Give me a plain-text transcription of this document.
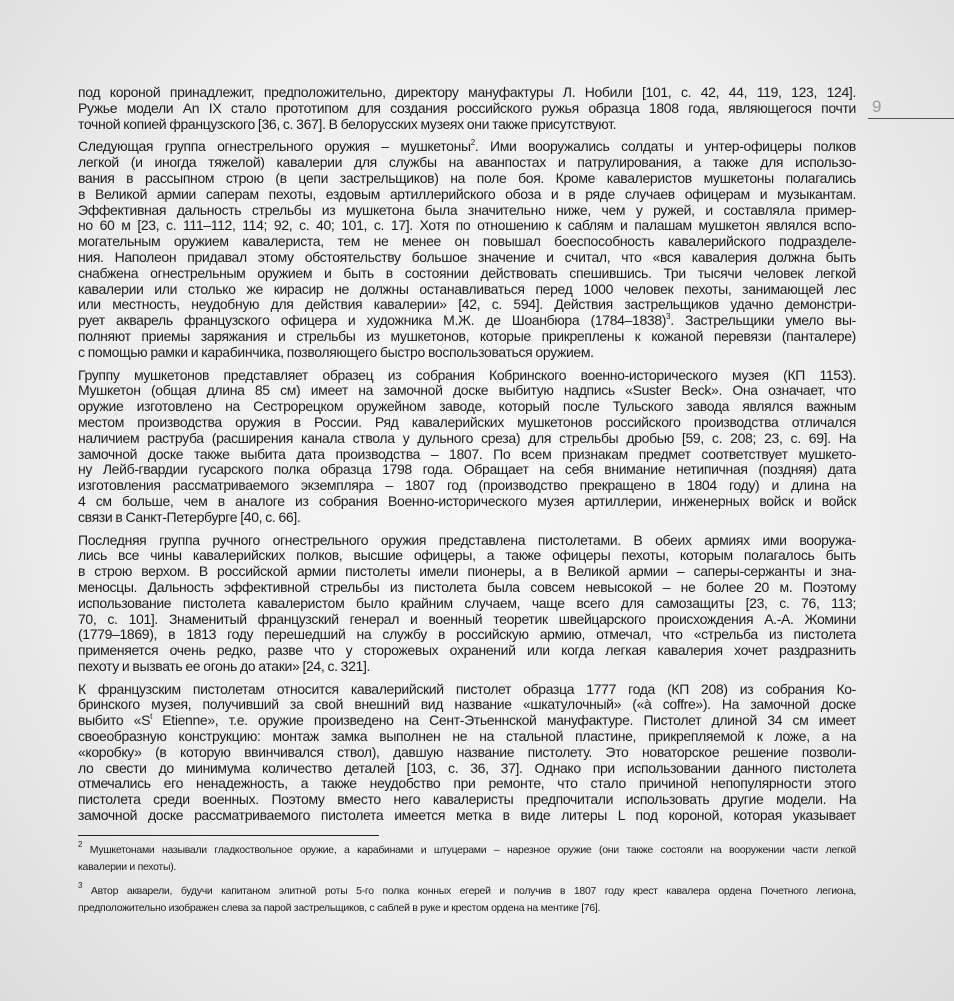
9
под короной принадлежит, предположительно, директору мануфактуры Л. Нобили [101, с. 42, 44, 119, 123, 124].
Ружье модели An IX стало прототипом для создания российского ружья образца 1808 года, являющегося почти
точной копией французского [36, с. 367]. В белорусских музеях они также присутствуют.
Следующая группа огнестрельного оружия – мушкетоны$^2$. Ими вооружались солдаты и унтер-офицеры полков
легкой (и иногда тяжелой) кавалерии для службы на аванпостах и патрулирования, а также для использо-
вания в рассыпном строю (в цепи застрельщиков) на поле боя. Кроме кавалеристов мушкетоны полагались
в Великой армии саперам пехоты, ездовым артиллерийского обоза и в ряде случаев офицерам и музыкантам.
Эффективная дальность стрельбы из мушкетона была значительно ниже, чем у ружей, и составляла пример-
но 60 м [23, с. 111–112, 114; 92, с. 40; 101, с. 17]. Хотя по отношению к саблям и палашам мушкетон являлся вспо-
могательным оружием кавалериста, тем не менее он повышал боеспособность кавалерийского подразделе-
ния. Наполеон придавал этому обстоятельству большое значение и считал, что «вся кавалерия должна быть
снабжена огнестрельным оружием и быть в состоянии действовать спешившись. Три тысячи человек легкой
кавалерии или столько же кирасир не должны останавливаться перед 1000 человек пехоты, занимающей лес
или местность, неудобную для действия кавалерии» [42, с. 594]. Действия застрельщиков удачно демонстри-
рует акварель французского офицера и художника М.Ж. де Шоанбюра (1784–1838)$^3$. Застрельщики умело вы-
полняют приемы заряжания и стрельбы из мушкетонов, которые прикреплены к кожаной перевязи (панталере)
с помощью рамки и карабинчика, позволяющего быстро воспользоваться оружием.
Группу мушкетонов представляет образец из собрания Кобринского военно-исторического музея (КП 1153).
Мушкетон (общая длина 85 см) имеет на замочной доске выбитую надпись «Suster Beck». Она означает, что
оружие изготовлено на Сестрорецком оружейном заводе, который после Тульского завода являлся важным
местом производства оружия в России. Ряд кавалерийских мушкетонов российского производства отличался
наличием раструба (расширения канала ствола у дульного среза) для стрельбы дробью [59, с. 208; 23, с. 69]. На
замочной доске также выбита дата производства – 1807. По всем признакам предмет соответствует мушкето-
ну Лейб-гвардии гусарского полка образца 1798 года. Обращает на себя внимание нетипичная (поздняя) дата
изготовления рассматриваемого экземпляра – 1807 год (производство прекращено в 1804 году) и длина на
4 см больше, чем в аналоге из собрания Военно-исторического музея артиллерии, инженерных войск и войск
связи в Санкт-Петербурге [40, с. 66].
Последняя группа ручного огнестрельного оружия представлена пистолетами. В обеих армиях ими вооружа-
лись все чины кавалерийских полков, высшие офицеры, а также офицеры пехоты, которым полагалось быть
в строю верхом. В российской армии пистолеты имели пионеры, а в Великой армии – саперы-сержанты и зна-
меносцы. Дальность эффективной стрельбы из пистолета была совсем невысокой – не более 20 м. Поэтому
использование пистолета кавалеристом было крайним случаем, чаще всего для самозащиты [23, с. 76, 113;
70, с. 101]. Знаменитый французский генерал и военный теоретик швейцарского происхождения А.-А. Жомини
(1779–1869), в 1813 году перешедший на службу в российскую армию, отмечал, что «стрельба из пистолета
применяется очень редко, разве что у сторожевых охранений или когда легкая кавалерия хочет раздразнить
пехоту и вызвать ее огонь до атаки» [24, с. 321].
К французским пистолетам относится кавалерийский пистолет образца 1777 года (КП 208) из собрания Ко-
бринского музея, получивший за свой внешний вид название «шкатулочный» («à coffre»). На замочной доске
выбито «$S^t$ Etienne», т.е. оружие произведено на Сент-Этьеннской мануфактуре. Пистолет длиной 34 см имеет
своеобразную конструкцию: монтаж замка выполнен не на стальной пластине, прикрепляемой к ложе, а на
«коробку» (в которую ввинчивался ствол), давшую название пистолету. Это новаторское решение позволи-
ло свести до минимума количество деталей [103, с. 36, 37]. Однако при использовании данного пистолета
отмечались его ненадежность, а также неудобство при ремонте, что стало причиной непопулярности этого
пистолета среди военных. Поэтому вместо него кавалеристы предпочитали использовать другие модели. На
замочной доске рассматриваемого пистолета имеется метка в виде литеры L под короной, которая указывает
$^2$ Мушкетонами называли гладкоствольное оружие, а карабинами и штуцерами – нарезное оружие (они также состояли на вооружении части легкой
кавалерии и пехоты).
$^3$ Автор акварели, будучи капитаном элитной роты 5-го полка конных егерей и получив в 1807 году крест кавалера ордена Почетного легиона,
предположительно изображен слева за парой застрельщиков, с саблей в руке и крестом ордена на ментике [76].
